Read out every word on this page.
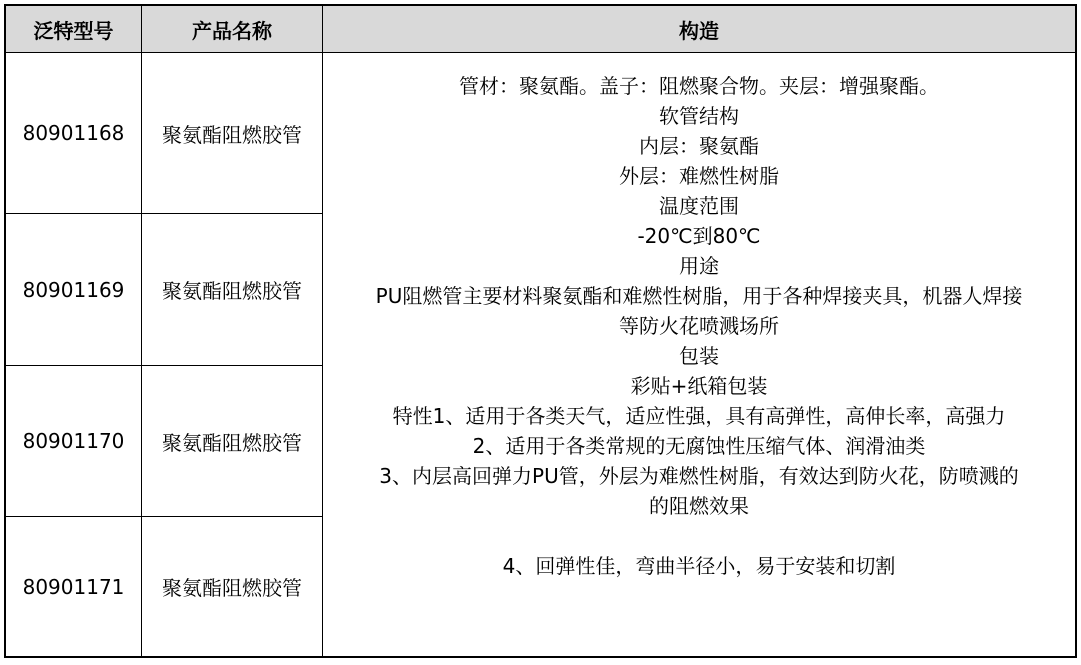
泛特型号	产品名称	构造
80901168	聚氨酯阻燃胶管
80901169	聚氨酯阻燃胶管
80901170	聚氨酯阻燃胶管
80901171	聚氨酯阻燃胶管
管材：聚氨酯。盖子：阻燃聚合物。夹层：增强聚酯。
软管结构
内层：聚氨酯
外层：难燃性树脂
温度范围
-20℃到80℃
用途
PU阻燃管主要材料聚氨酯和难燃性树脂，用于各种焊接夹具，机器人焊接
等防火花喷溅场所
包装
彩贴+纸箱包装
特性1、适用于各类天气，适应性强，具有高弹性，高伸长率，高强力
2、适用于各类常规的无腐蚀性压缩气体、润滑油类
3、内层高回弹力PU管，外层为难燃性树脂，有效达到防火花，防喷溅的
的阻燃效果
4、回弹性佳，弯曲半径小，易于安装和切割
